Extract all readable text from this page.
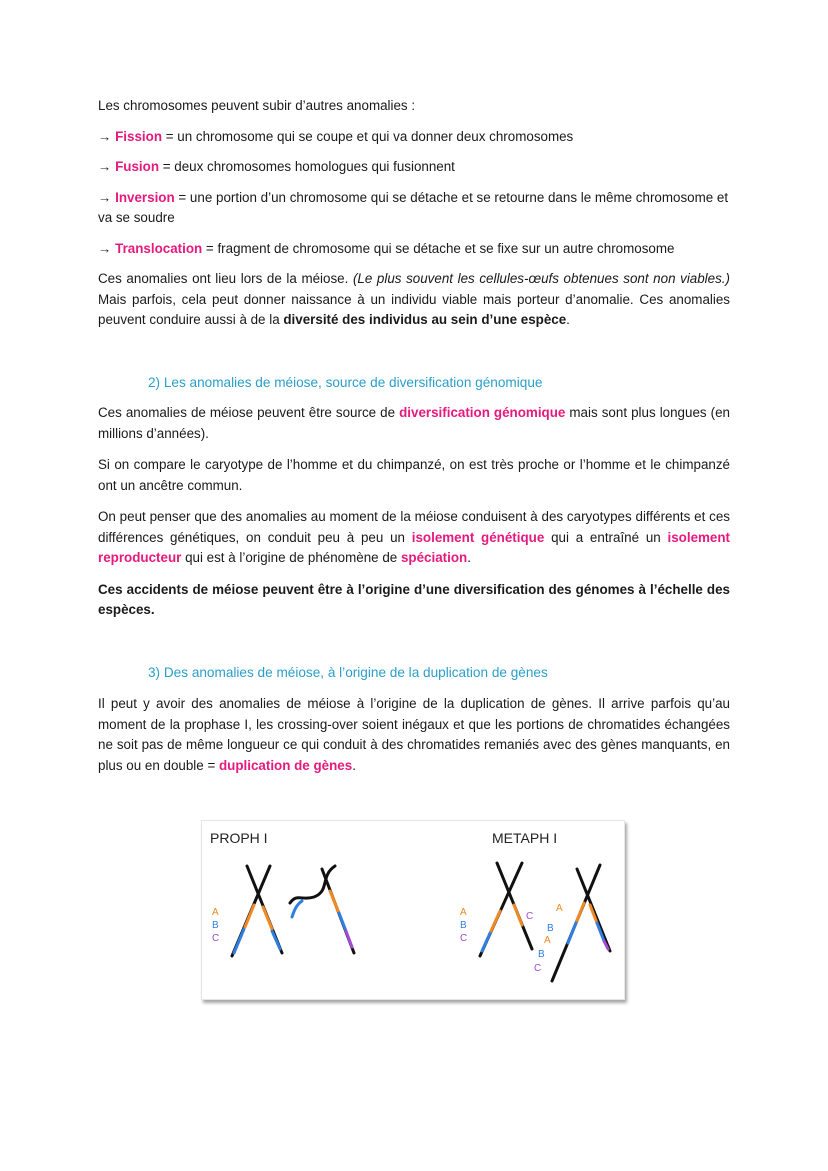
Les chromosomes peuvent subir d’autres anomalies :

→ Fission = un chromosome qui se coupe et qui va donner deux chromosomes

→ Fusion = deux chromosomes homologues qui fusionnent

→ Inversion = une portion d’un chromosome qui se détache et se retourne dans le même chromosome et va se soudre

→ Translocation = fragment de chromosome qui se détache et se fixe sur un autre chromosome

Ces anomalies ont lieu lors de la méiose. (Le plus souvent les cellules-œufs obtenues sont non viables.) Mais parfois, cela peut donner naissance à un individu viable mais porteur d’anomalie. Ces anomalies peuvent conduire aussi à de la diversité des individus au sein d’une espèce.

2) Les anomalies de méiose, source de diversification génomique

Ces anomalies de méiose peuvent être source de diversification génomique mais sont plus longues (en millions d’années).

Si on compare le caryotype de l’homme et du chimpanzé, on est très proche or l’homme et le chimpanzé ont un ancêtre commun.

On peut penser que des anomalies au moment de la méiose conduisent à des caryotypes différents et ces différences génétiques, on conduit peu à peu un isolement génétique qui a entraîné un isolement reproducteur qui est à l’origine de phénomène de spéciation.

Ces accidents de méiose peuvent être à l’origine d’une diversification des génomes à l’échelle des espèces.

3) Des anomalies de méiose, à l’origine de la duplication de gènes

Il peut y avoir des anomalies de méiose à l’origine de la duplication de gènes. Il arrive parfois qu’au moment de la prophase I, les crossing-over soient inégaux et que les portions de chromatides échangées ne soit pas de même longueur ce qui conduit à des chromatides remaniés avec des gènes manquants, en plus ou en double = duplication de gènes.

PROPH I	METAPH I
A
B
C
A
B
C
C
A
B
A
B
C
